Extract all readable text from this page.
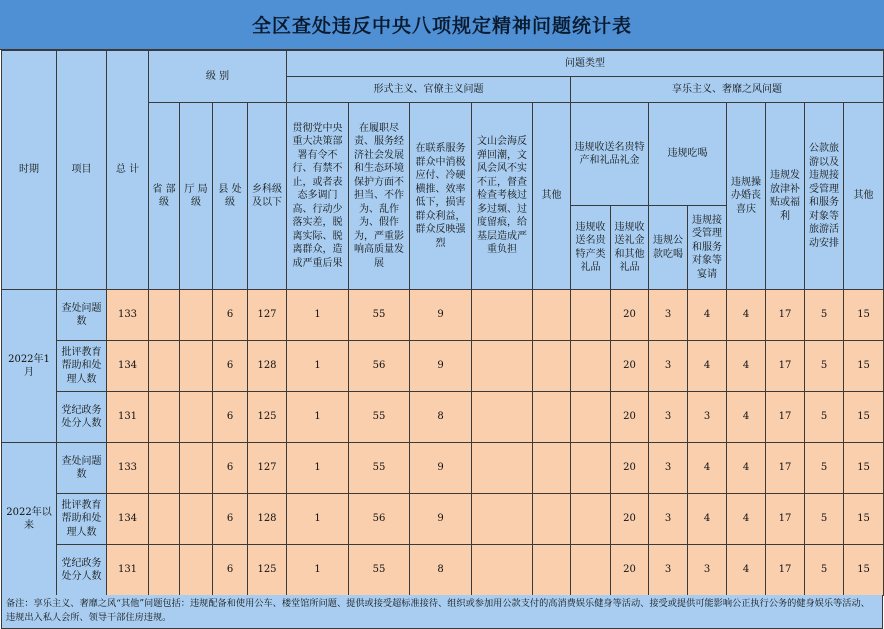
全区查处违反中央八项规定精神问题统计表
时期	项目	总 计	级 别				问题类型												
							形式主义、官僚主义问题					享乐主义、奢靡之风问题							
			省 部级	厅 局级	县 处级	乡科级及以下	贯彻党中央重大决策部署有令不行、有禁不止，或者表态多调门高、行动少落实差，脱离实际、脱离群众，造成严重后果	在履职尽责、服务经济社会发展和生态环境保护方面不担当、不作为、乱作为、假作为，严重影响高质量发展	在联系服务群众中消极应付、冷硬横推、效率低下，损害群众利益，群众反映强烈	文山会海反弹回潮，文风会风不实不正，督查检查考核过多过频、过度留痕，给基层造成严重负担	其他	违规收送名贵特产和礼品礼金		违规吃喝		违规操办婚丧喜庆	违规发放津补贴或福利	公款旅游以及违规接受管理和服务对象等旅游活动安排	其他
												违规收送名贵特产类礼品	违规收送礼金和其他礼品	违规公款吃喝	违规接受管理和服务对象等宴请				
2022年1月	查处问题数	133			6	127	1	55	9				20	3	4	4	17	5	15
	批评教育帮助和处理人数	134			6	128	1	56	9				20	3	4	4	17	5	15
	党纪政务处分人数	131			6	125	1	55	8				20	3	3	4	17	5	15
2022年以来	查处问题数	133			6	127	1	55	9				20	3	4	4	17	5	15
	批评教育帮助和处理人数	134			6	128	1	56	9				20	3	4	4	17	5	15
	党纪政务处分人数	131			6	125	1	55	8				20	3	3	4	17	5	15

备注：享乐主义、奢靡之风“其他”问题包括：违规配备和使用公车、楼堂馆所问题、提供或接受超标准接待、组织或参加用公款支付的高消费娱乐健身等活动、接受或提供可能影响公正执行公务的健身娱乐等活动、违规出入私人会所、领导干部住房违规。
